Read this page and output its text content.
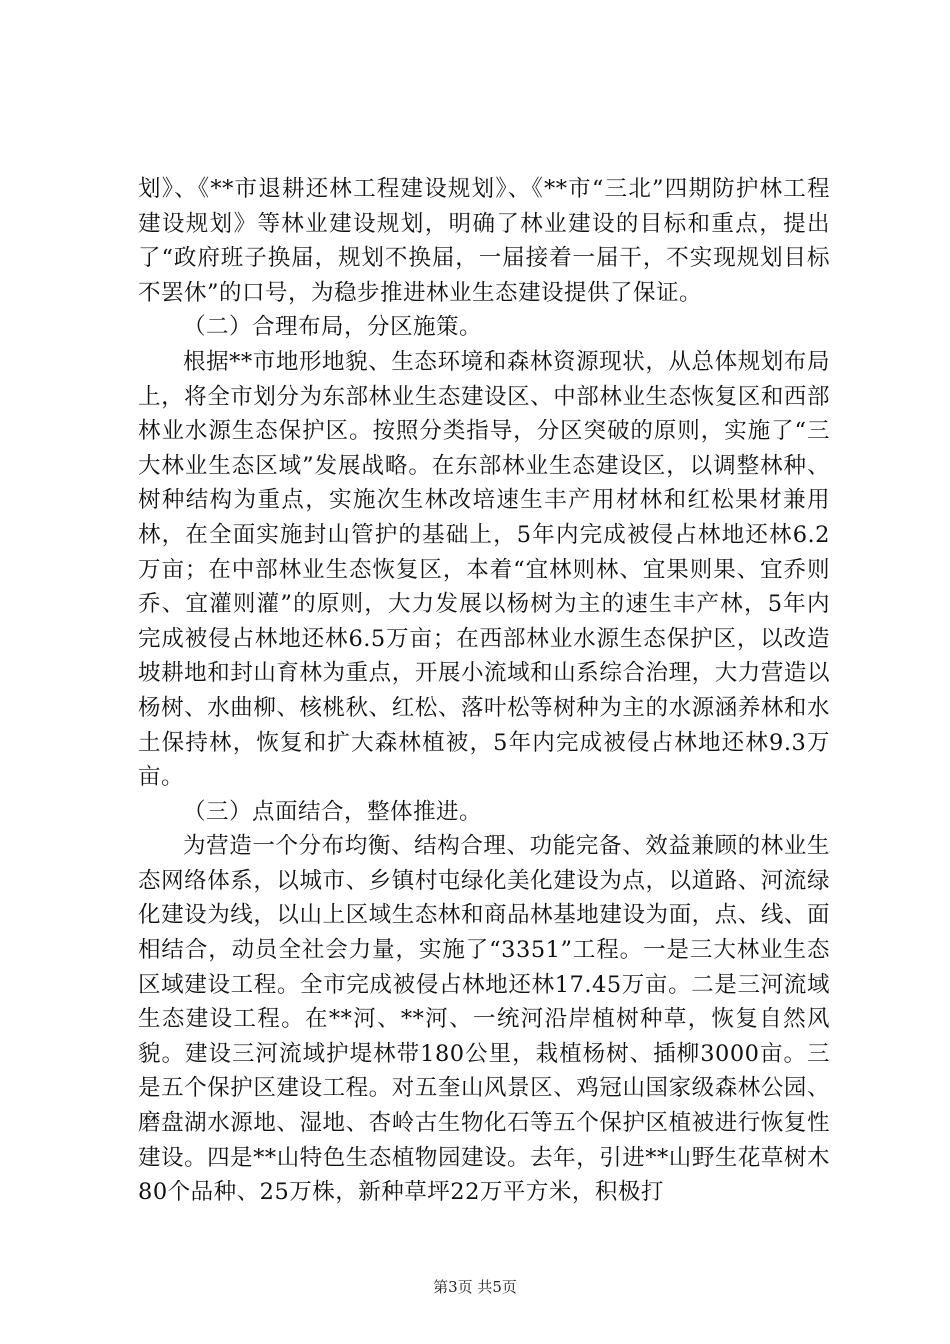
划》、《**市退耕还林工程建设规划》、《**市“三北”四期防护林工程建设规划》等林业建设规划，明确了林业建设的目标和重点，提出了“政府班子换届，规划不换届，一届接着一届干，不实现规划目标不罢休”的口号，为稳步推进林业生态建设提供了保证。

（二）合理布局，分区施策。

根据**市地形地貌、生态环境和森林资源现状，从总体规划布局上，将全市划分为东部林业生态建设区、中部林业生态恢复区和西部林业水源生态保护区。按照分类指导，分区突破的原则，实施了“三大林业生态区域”发展战略。在东部林业生态建设区，以调整林种、树种结构为重点，实施次生林改培速生丰产用材林和红松果材兼用林，在全面实施封山管护的基础上，5年内完成被侵占林地还林6.2万亩；在中部林业生态恢复区，本着“宜林则林、宜果则果、宜乔则乔、宜灌则灌”的原则，大力发展以杨树为主的速生丰产林，5年内完成被侵占林地还林6.5万亩；在西部林业水源生态保护区，以改造坡耕地和封山育林为重点，开展小流域和山系综合治理，大力营造以杨树、水曲柳、核桃秋、红松、落叶松等树种为主的水源涵养林和水土保持林，恢复和扩大森林植被，5年内完成被侵占林地还林9.3万亩。

（三）点面结合，整体推进。

为营造一个分布均衡、结构合理、功能完备、效益兼顾的林业生态网络体系，以城市、乡镇村屯绿化美化建设为点，以道路、河流绿化建设为线，以山上区域生态林和商品林基地建设为面，点、线、面相结合，动员全社会力量，实施了“3351”工程。一是三大林业生态区域建设工程。全市完成被侵占林地还林17.45万亩。二是三河流域生态建设工程。在**河、**河、一统河沿岸植树种草，恢复自然风貌。建设三河流域护堤林带180公里，栽植杨树、插柳3000亩。三是五个保护区建设工程。对五奎山风景区、鸡冠山国家级森林公园、磨盘湖水源地、湿地、杏岭古生物化石等五个保护区植被进行恢复性建设。四是**山特色生态植物园建设。去年，引进**山野生花草树木80个品种、25万株，新种草坪22万平方米，积极打

第3页 共5页
